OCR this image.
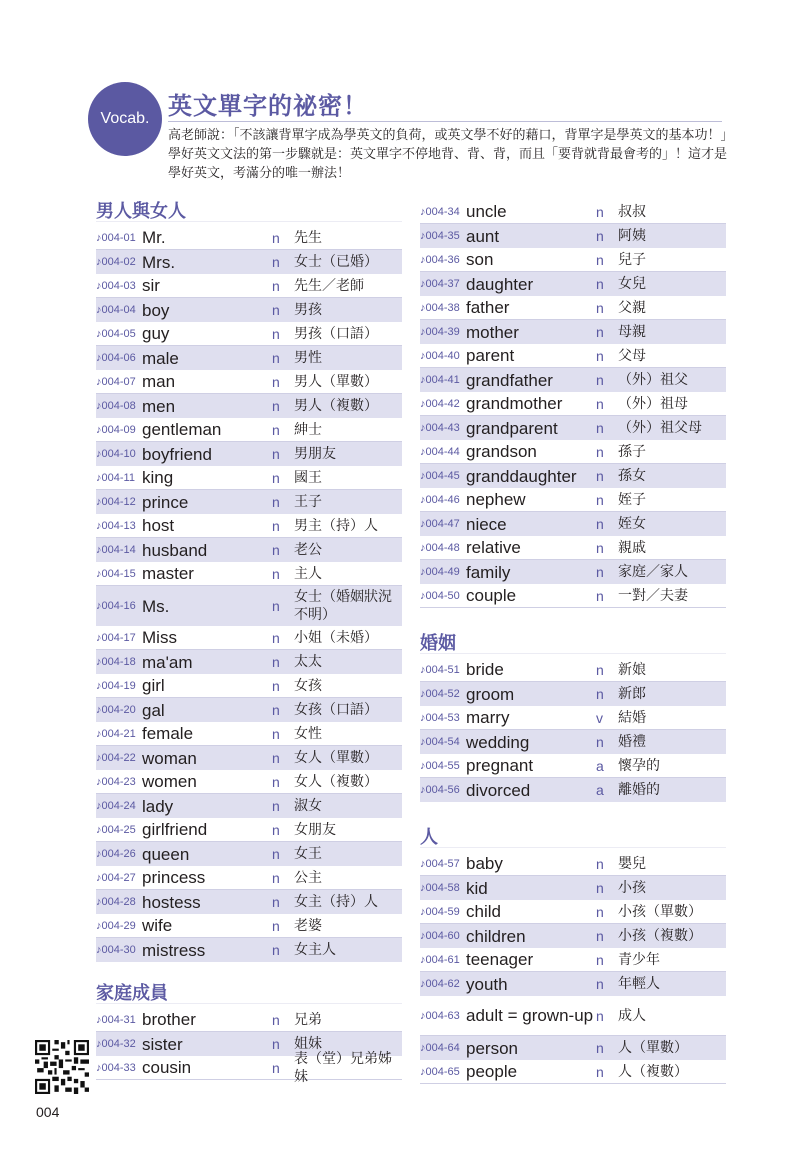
Vocab. 英文單字的祕密！
高老師說：「不該讓背單字成為學英文的負荷，或英文學不好的藉口，背單字是學英文的基本功！」學好英文文法的第一步驟就是：英文單字不停地背、背、背，而且「要背就背最會考的」！這才是學好英文，考滿分的唯一辦法！
男人與女人
♪004-01 Mr.	n	先生
♪004-02 Mrs.	n	女士（已婚）
♪004-03 sir	n	先生／老師
♪004-04 boy	n	男孩
♪004-05 guy	n	男孩（口語）
♪004-06 male	n	男性
♪004-07 man	n	男人（單數）
♪004-08 men	n	男人（複數）
♪004-09 gentleman	n	紳士
♪004-10 boyfriend	n	男朋友
♪004-11 king	n	國王
♪004-12 prince	n	王子
♪004-13 host	n	男主（持）人
♪004-14 husband	n	老公
♪004-15 master	n	主人
♪004-16 Ms.	n
女士（婚姻狀況不明）
♪004-17 Miss	n	小姐（未婚）
♪004-18 ma'am	n	太太
♪004-19 girl	n	女孩
♪004-20 gal	n	女孩（口語）
♪004-21 female	n	女性
♪004-22 woman	n	女人（單數）
♪004-23 women	n	女人（複數）
♪004-24 lady	n	淑女
♪004-25 girlfriend	n	女朋友
♪004-26 queen	n	女王
♪004-27 princess	n	公主
♪004-28 hostess	n	女主（持）人
♪004-29 wife	n	老婆
♪004-30 mistress	n	女主人
家庭成員
♪004-31 brother	n	兄弟
♪004-32 sister	n	姐妹
♪004-33 cousin	n
表（堂）兄弟姊妹
♪004-34 uncle	n	叔叔
♪004-35 aunt	n	阿姨
♪004-36 son	n	兒子
♪004-37 daughter	n	女兒
♪004-38 father	n	父親
♪004-39 mother	n	母親
♪004-40 parent	n	父母
♪004-41 grandfather	n	（外）祖父
♪004-42 grandmother	n	（外）祖母
♪004-43 grandparent	n	（外）祖父母
♪004-44 grandson	n	孫子
♪004-45 granddaughter	n	孫女
♪004-46 nephew	n	姪子
♪004-47 niece	n	姪女
♪004-48 relative	n	親戚
♪004-49 family	n	家庭／家人
♪004-50 couple	n	一對／夫妻
婚姻
♪004-51 bride	n	新娘
♪004-52 groom	n	新郎
♪004-53 marry	v	結婚
♪004-54 wedding	n	婚禮
♪004-55 pregnant	a	懷孕的
♪004-56 divorced	a	離婚的
人
♪004-57 baby	n	嬰兒
♪004-58 kid	n	小孩
♪004-59 child	n	小孩（單數）
♪004-60 children	n	小孩（複數）
♪004-61 teenager	n	青少年
♪004-62 youth	n	年輕人
♪004-63 adult = grown-up n	成人
♪004-64 person	n	人（單數）
♪004-65 people	n	人（複數）
004
